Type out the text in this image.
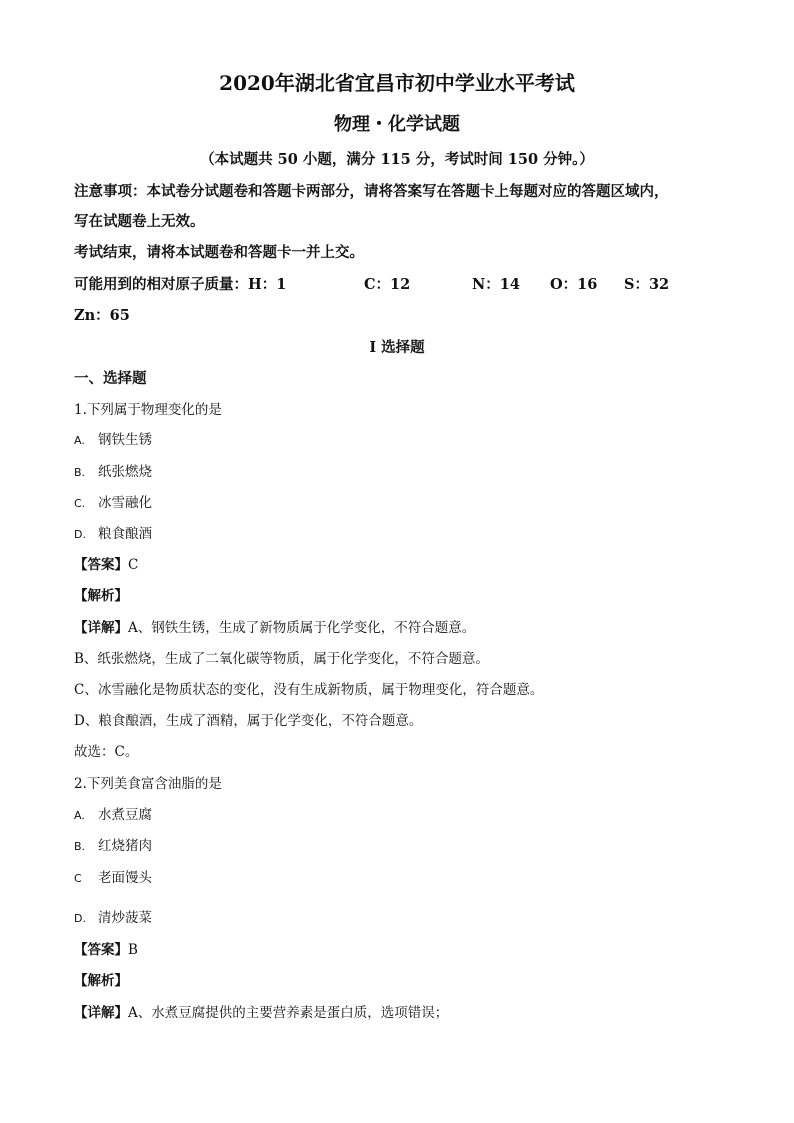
2020年湖北省宜昌市初中学业水平考试
物理・化学试题
（本试题共 50 小题，满分 115 分，考试时间 150 分钟。）
注意事项：本试卷分试题卷和答题卡两部分，请将答案写在答题卡上每题对应的答题区域内，
写在试题卷上无效。
考试结束，请将本试题卷和答题卡一并上交。
可能用到的相对原子质量：H：1	C：12	N：14 O：16 S：32
Zn：65
I 选择题
一、选择题
1.下列属于物理变化的是
A. 钢铁生锈
B. 纸张燃烧
C. 冰雪融化
D. 粮食酿酒
【答案】C
【解析】
【详解】A、钢铁生锈，生成了新物质属于化学变化，不符合题意。
B、纸张燃烧，生成了二氧化碳等物质，属于化学变化，不符合题意。
C、冰雪融化是物质状态的变化，没有生成新物质，属于物理变化，符合题意。
D、粮食酿酒，生成了酒精，属于化学变化，不符合题意。
故选：C。
2.下列美食富含油脂的是
A. 水煮豆腐
B. 红烧猪肉
C 老面馒头
D. 清炒菠菜
【答案】B
【解析】
【详解】A、水煮豆腐提供的主要营养素是蛋白质，选项错误；
